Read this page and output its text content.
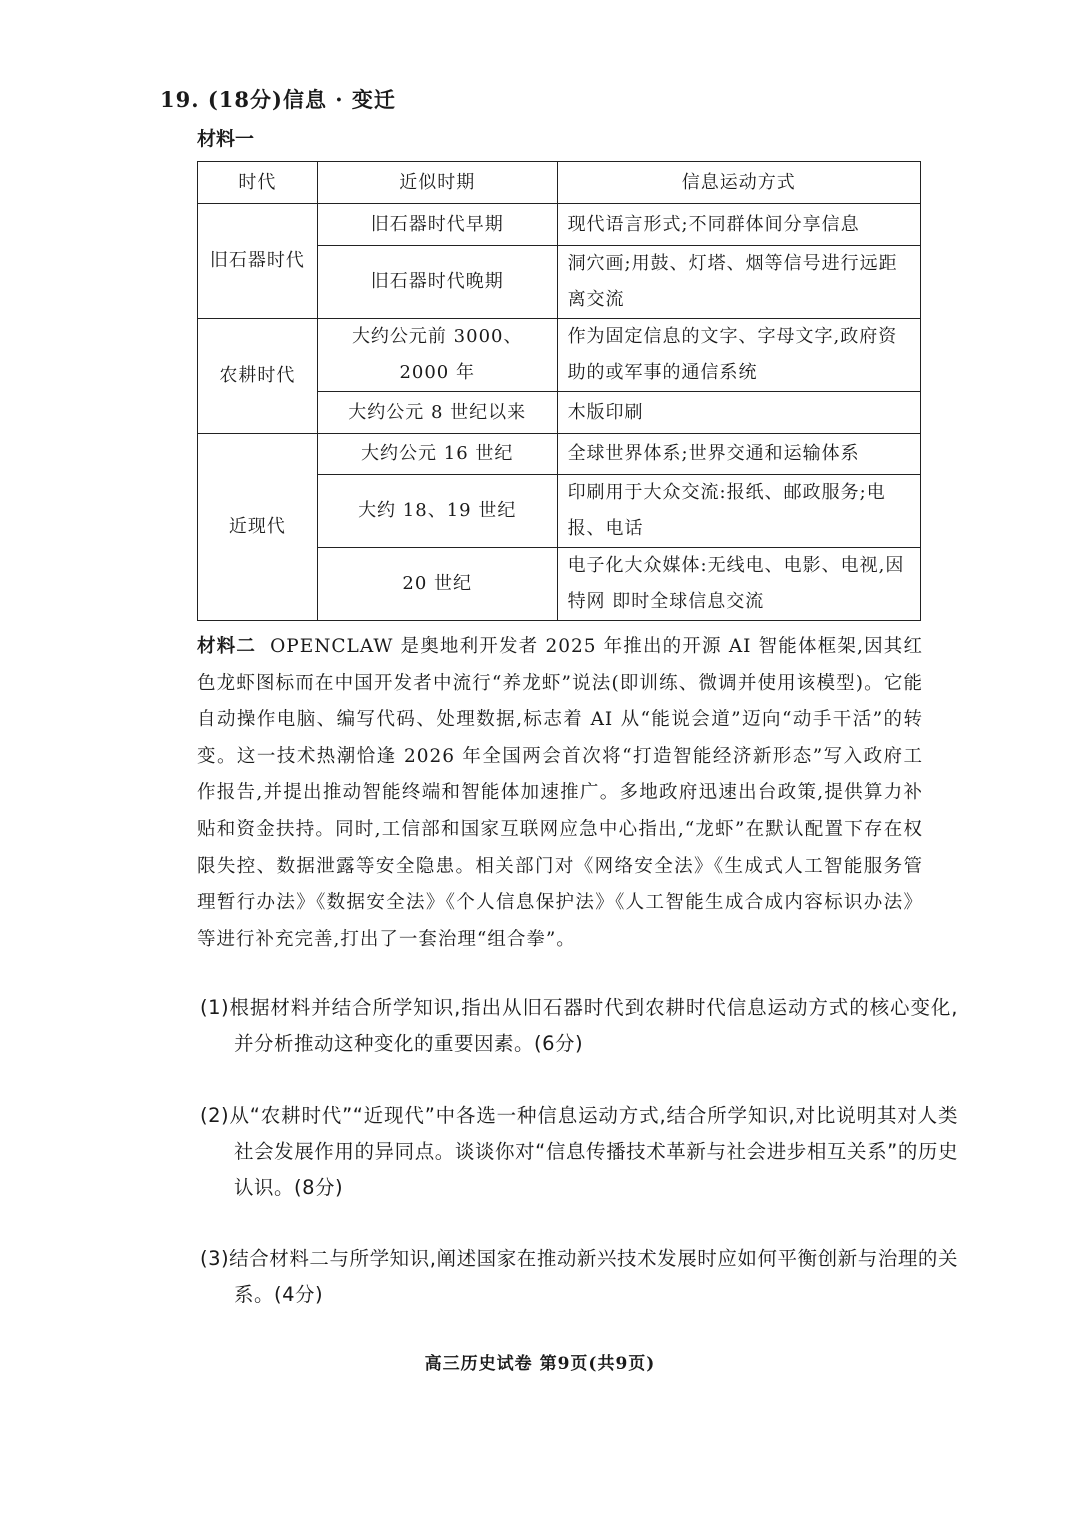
19. (18分)信息 · 变迁
材料一
时代	近似时期	信息运动方式
旧石器时代	旧石器时代早期	现代语言形式;不同群体间分享信息
	旧石器时代晚期	洞穴画;用鼓、灯塔、烟等信号进行远距离交流
农耕时代	大约公元前 3000、2000 年	作为固定信息的文字、字母文字,政府资助的或军事的通信系统
	大约公元 8 世纪以来	木版印刷
近现代	大约公元 16 世纪	全球世界体系;世界交通和运输体系
	大约 18、19 世纪	印刷用于大众交流:报纸、邮政服务;电报、电话
	20 世纪	电子化大众媒体:无线电、电影、电视,因特网 即时全球信息交流
材料二 OPENCLAW 是奥地利开发者 2025 年推出的开源 AI 智能体框架,因其红色龙虾图标而在中国开发者中流行“养龙虾”说法(即训练、微调并使用该模型)。它能自动操作电脑、编写代码、处理数据,标志着 AI 从“能说会道”迈向“动手干活”的转变。这一技术热潮恰逢 2026 年全国两会首次将“打造智能经济新形态”写入政府工作报告,并提出推动智能终端和智能体加速推广。多地政府迅速出台政策,提供算力补贴和资金扶持。同时,工信部和国家互联网应急中心指出,“龙虾”在默认配置下存在权限失控、数据泄露等安全隐患。相关部门对《网络安全法》《生成式人工智能服务管理暂行办法》《数据安全法》《个人信息保护法》《人工智能生成合成内容标识办法》等进行补充完善,打出了一套治理“组合拳”。
(1)根据材料并结合所学知识,指出从旧石器时代到农耕时代信息运动方式的核心变化,并分析推动这种变化的重要因素。(6分)
(2)从“农耕时代”“近现代”中各选一种信息运动方式,结合所学知识,对比说明其对人类社会发展作用的异同点。谈谈你对“信息传播技术革新与社会进步相互关系”的历史认识。(8分)
(3)结合材料二与所学知识,阐述国家在推动新兴技术发展时应如何平衡创新与治理的关系。(4分)
高三历史试卷 第9页(共9页)
